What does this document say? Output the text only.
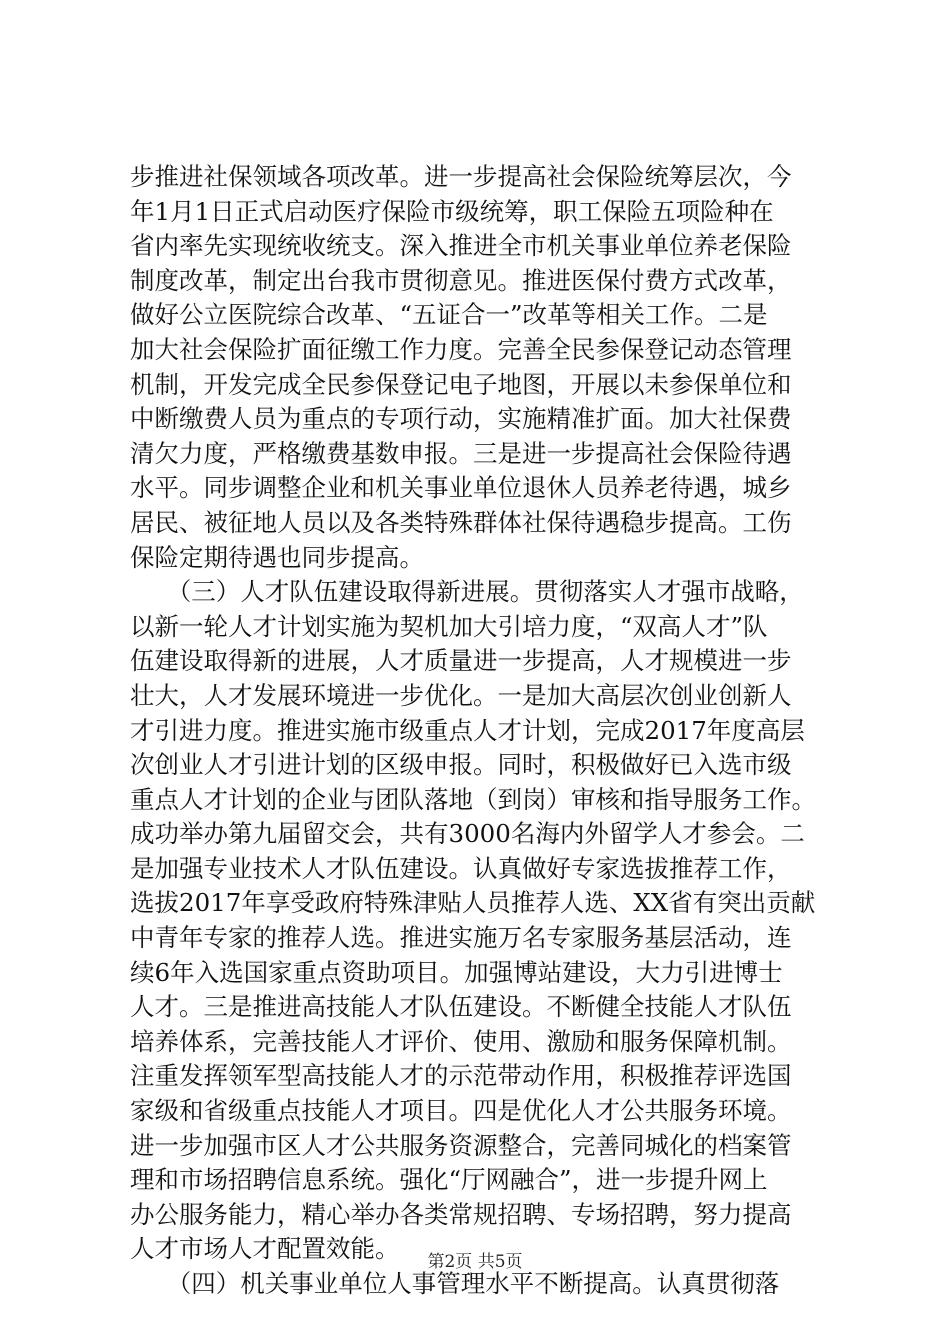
步推进社保领域各项改革。进一步提高社会保险统筹层次，今
年1月1日正式启动医疗保险市级统筹，职工保险五项险种在
省内率先实现统收统支。深入推进全市机关事业单位养老保险
制度改革，制定出台我市贯彻意见。推进医保付费方式改革，
做好公立医院综合改革、“五证合一”改革等相关工作。二是
加大社会保险扩面征缴工作力度。完善全民参保登记动态管理
机制，开发完成全民参保登记电子地图，开展以未参保单位和
中断缴费人员为重点的专项行动，实施精准扩面。加大社保费
清欠力度，严格缴费基数申报。三是进一步提高社会保险待遇
水平。同步调整企业和机关事业单位退休人员养老待遇，城乡
居民、被征地人员以及各类特殊群体社保待遇稳步提高。工伤
保险定期待遇也同步提高。
　　（三）人才队伍建设取得新进展。贯彻落实人才强市战略，
以新一轮人才计划实施为契机加大引培力度，“双高人才”队
伍建设取得新的进展，人才质量进一步提高，人才规模进一步
壮大，人才发展环境进一步优化。一是加大高层次创业创新人
才引进力度。推进实施市级重点人才计划，完成2017年度高层
次创业人才引进计划的区级申报。同时，积极做好已入选市级
重点人才计划的企业与团队落地（到岗）审核和指导服务工作。
成功举办第九届留交会，共有3000名海内外留学人才参会。二
是加强专业技术人才队伍建设。认真做好专家选拔推荐工作，
选拔2017年享受政府特殊津贴人员推荐人选、XX省有突出贡献
中青年专家的推荐人选。推进实施万名专家服务基层活动，连
续6年入选国家重点资助项目。加强博站建设，大力引进博士
人才。三是推进高技能人才队伍建设。不断健全技能人才队伍
培养体系，完善技能人才评价、使用、激励和服务保障机制。
注重发挥领军型高技能人才的示范带动作用，积极推荐评选国
家级和省级重点技能人才项目。四是优化人才公共服务环境。
进一步加强市区人才公共服务资源整合，完善同城化的档案管
理和市场招聘信息系统。强化“厅网融合”，进一步提升网上
办公服务能力，精心举办各类常规招聘、专场招聘，努力提高
人才市场人才配置效能。
　　（四）机关事业单位人事管理水平不断提高。认真贯彻落
第2页 共5页
